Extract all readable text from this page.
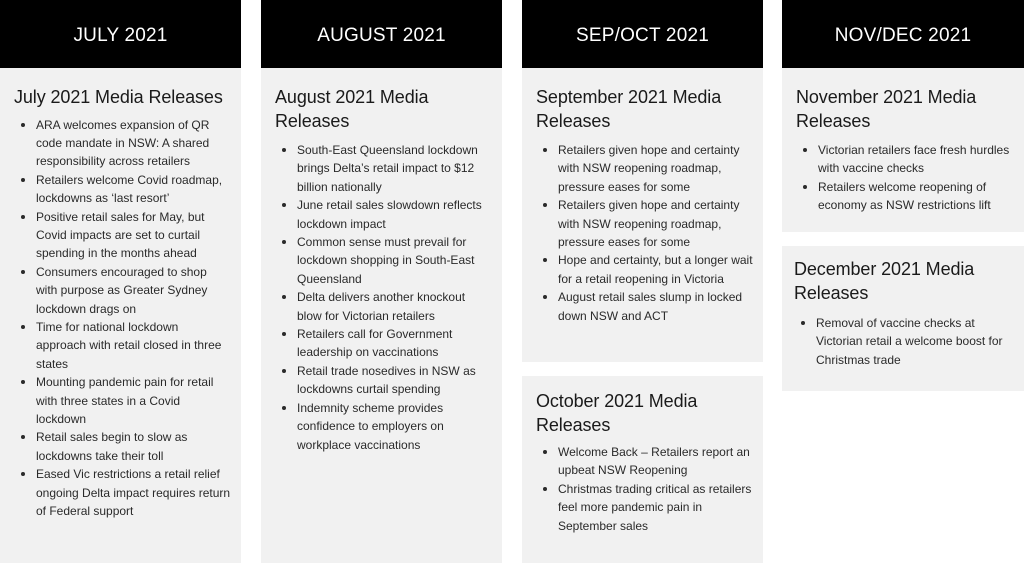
JULY 2021	AUGUST 2021	SEP/OCT 2021	NOV/DEC 2021
July 2021 Media Releases
ARA welcomes expansion of QR code mandate in NSW: A shared responsibility across retailers
Retailers welcome Covid roadmap, lockdowns as ‘last resort’
Positive retail sales for May, but Covid impacts are set to curtail spending in the months ahead
Consumers encouraged to shop with purpose as Greater Sydney lockdown drags on
Time for national lockdown approach with retail closed in three states
Mounting pandemic pain for retail with three states in a Covid lockdown
Retail sales begin to slow as lockdowns take their toll
Eased Vic restrictions a retail relief ongoing Delta impact requires return of Federal support
August 2021 Media Releases
South-East Queensland lockdown brings Delta’s retail impact to $12 billion nationally
June retail sales slowdown reflects lockdown impact
Common sense must prevail for lockdown shopping in South-East Queensland
Delta delivers another knockout blow for Victorian retailers
Retailers call for Government leadership on vaccinations
Retail trade nosedives in NSW as lockdowns curtail spending
Indemnity scheme provides confidence to employers on workplace vaccinations
September 2021 Media Releases
Retailers given hope and certainty with NSW reopening roadmap, pressure eases for some
Retailers given hope and certainty with NSW reopening roadmap, pressure eases for some
Hope and certainty, but a longer wait for a retail reopening in Victoria
August retail sales slump in locked down NSW and ACT
October 2021 Media Releases
Welcome Back – Retailers report an upbeat NSW Reopening
Christmas trading critical as retailers feel more pandemic pain in September sales
November 2021 Media Releases
Victorian retailers face fresh hurdles with vaccine checks
Retailers welcome reopening of economy as NSW restrictions lift
December 2021 Media Releases
Removal of vaccine checks at Victorian retail a welcome boost for Christmas trade
